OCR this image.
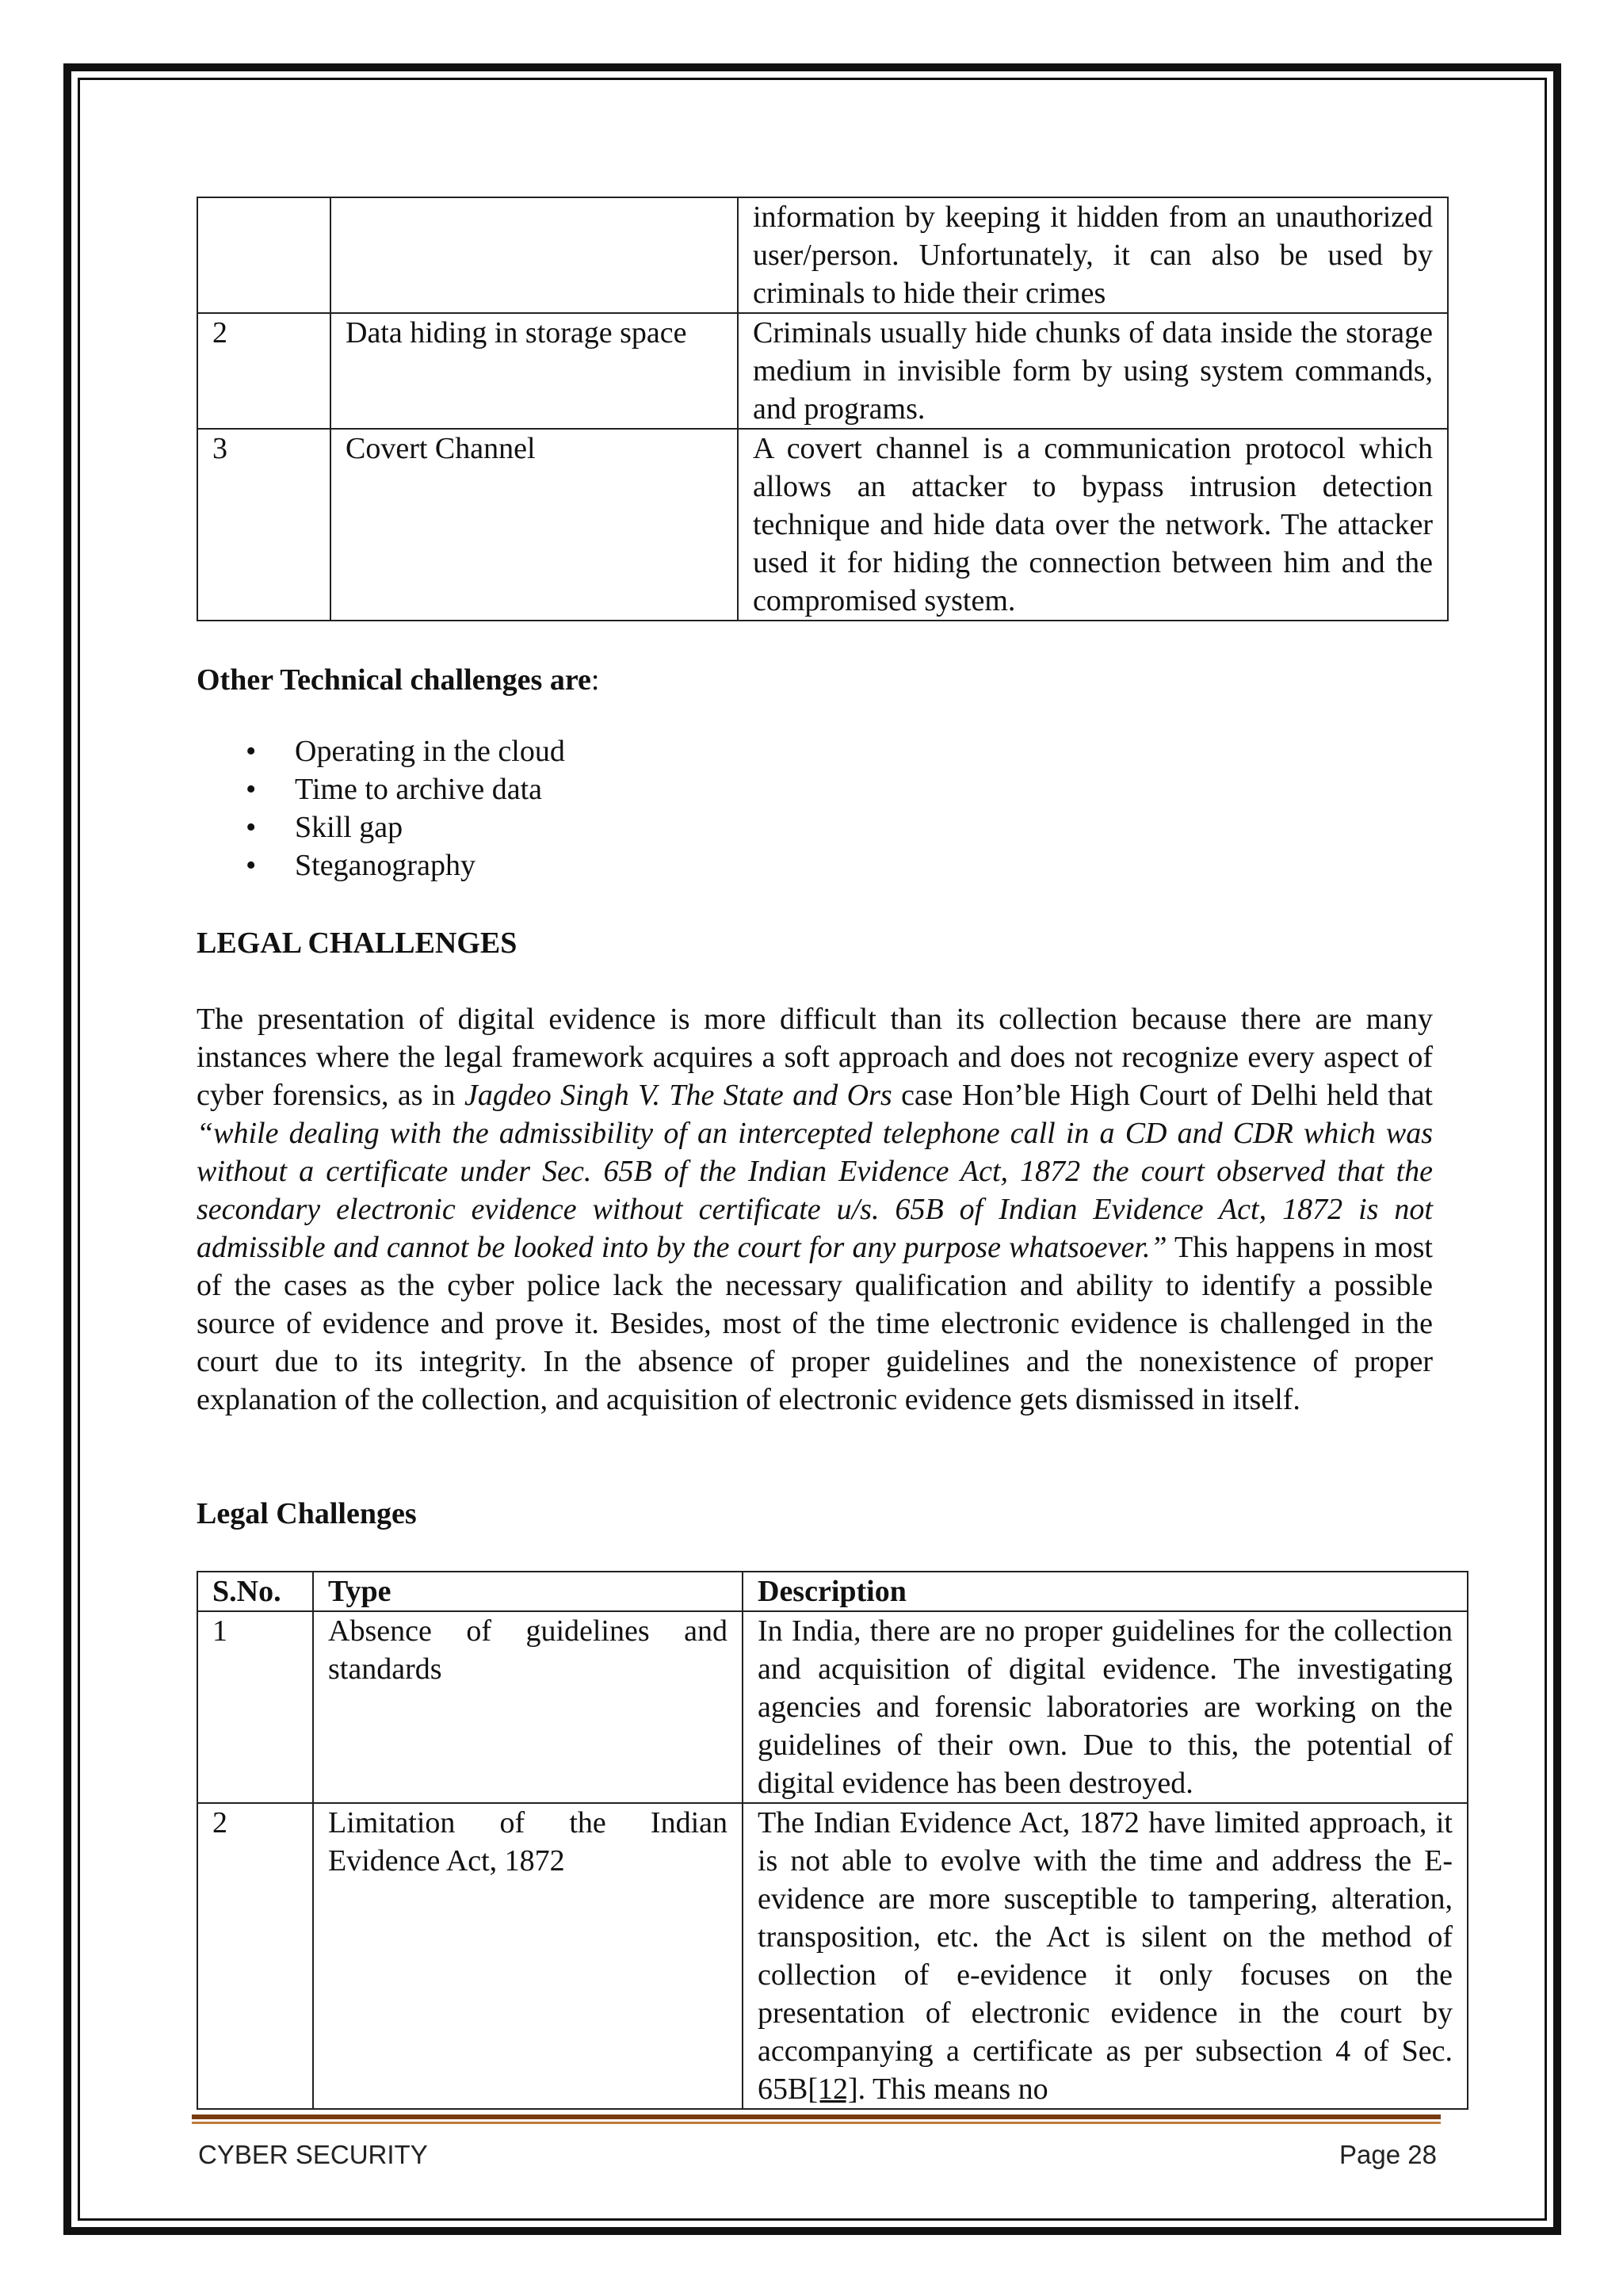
		information by keeping it hidden from an unauthorized user/person. Unfortunately, it can also be used by criminals to hide their crimes
2	Data hiding in storage space	Criminals usually hide chunks of data inside the storage medium in invisible form by using system commands, and programs.
3	Covert Channel	A covert channel is a communication protocol which allows an attacker to bypass intrusion detection technique and hide data over the network. The attacker used it for hiding the connection between him and the compromised system.
Other Technical challenges are:
• Operating in the cloud
• Time to archive data
• Skill gap
• Steganography
LEGAL CHALLENGES
The presentation of digital evidence is more difficult than its collection because there are many instances where the legal framework acquires a soft approach and does not recognize every aspect of cyber forensics, as in Jagdeo Singh V. The State and Ors case Hon’ble High Court of Delhi held that “while dealing with the admissibility of an intercepted telephone call in a CD and CDR which was without a certificate under Sec. 65B of the Indian Evidence Act, 1872 the court observed that the secondary electronic evidence without certificate u/s. 65B of Indian Evidence Act, 1872 is not admissible and cannot be looked into by the court for any purpose whatsoever.” This happens in most of the cases as the cyber police lack the necessary qualification and ability to identify a possible source of evidence and prove it. Besides, most of the time electronic evidence is challenged in the court due to its integrity. In the absence of proper guidelines and the nonexistence of proper explanation of the collection, and acquisition of electronic evidence gets dismissed in itself.
Legal Challenges
S.No.	Type	Description
1	Absence of guidelines and standards	In India, there are no proper guidelines for the collection and acquisition of digital evidence. The investigating agencies and forensic laboratories are working on the guidelines of their own. Due to this, the potential of digital evidence has been destroyed.
2	Limitation of the Indian Evidence Act, 1872	The Indian Evidence Act, 1872 have limited approach, it is not able to evolve with the time and address the E-evidence are more susceptible to tampering, alteration, transposition, etc. the Act is silent on the method of collection of e-evidence it only focuses on the presentation of electronic evidence in the court by accompanying a certificate as per subsection 4 of Sec. 65B[12]. This means no
CYBER SECURITY	Page 28
